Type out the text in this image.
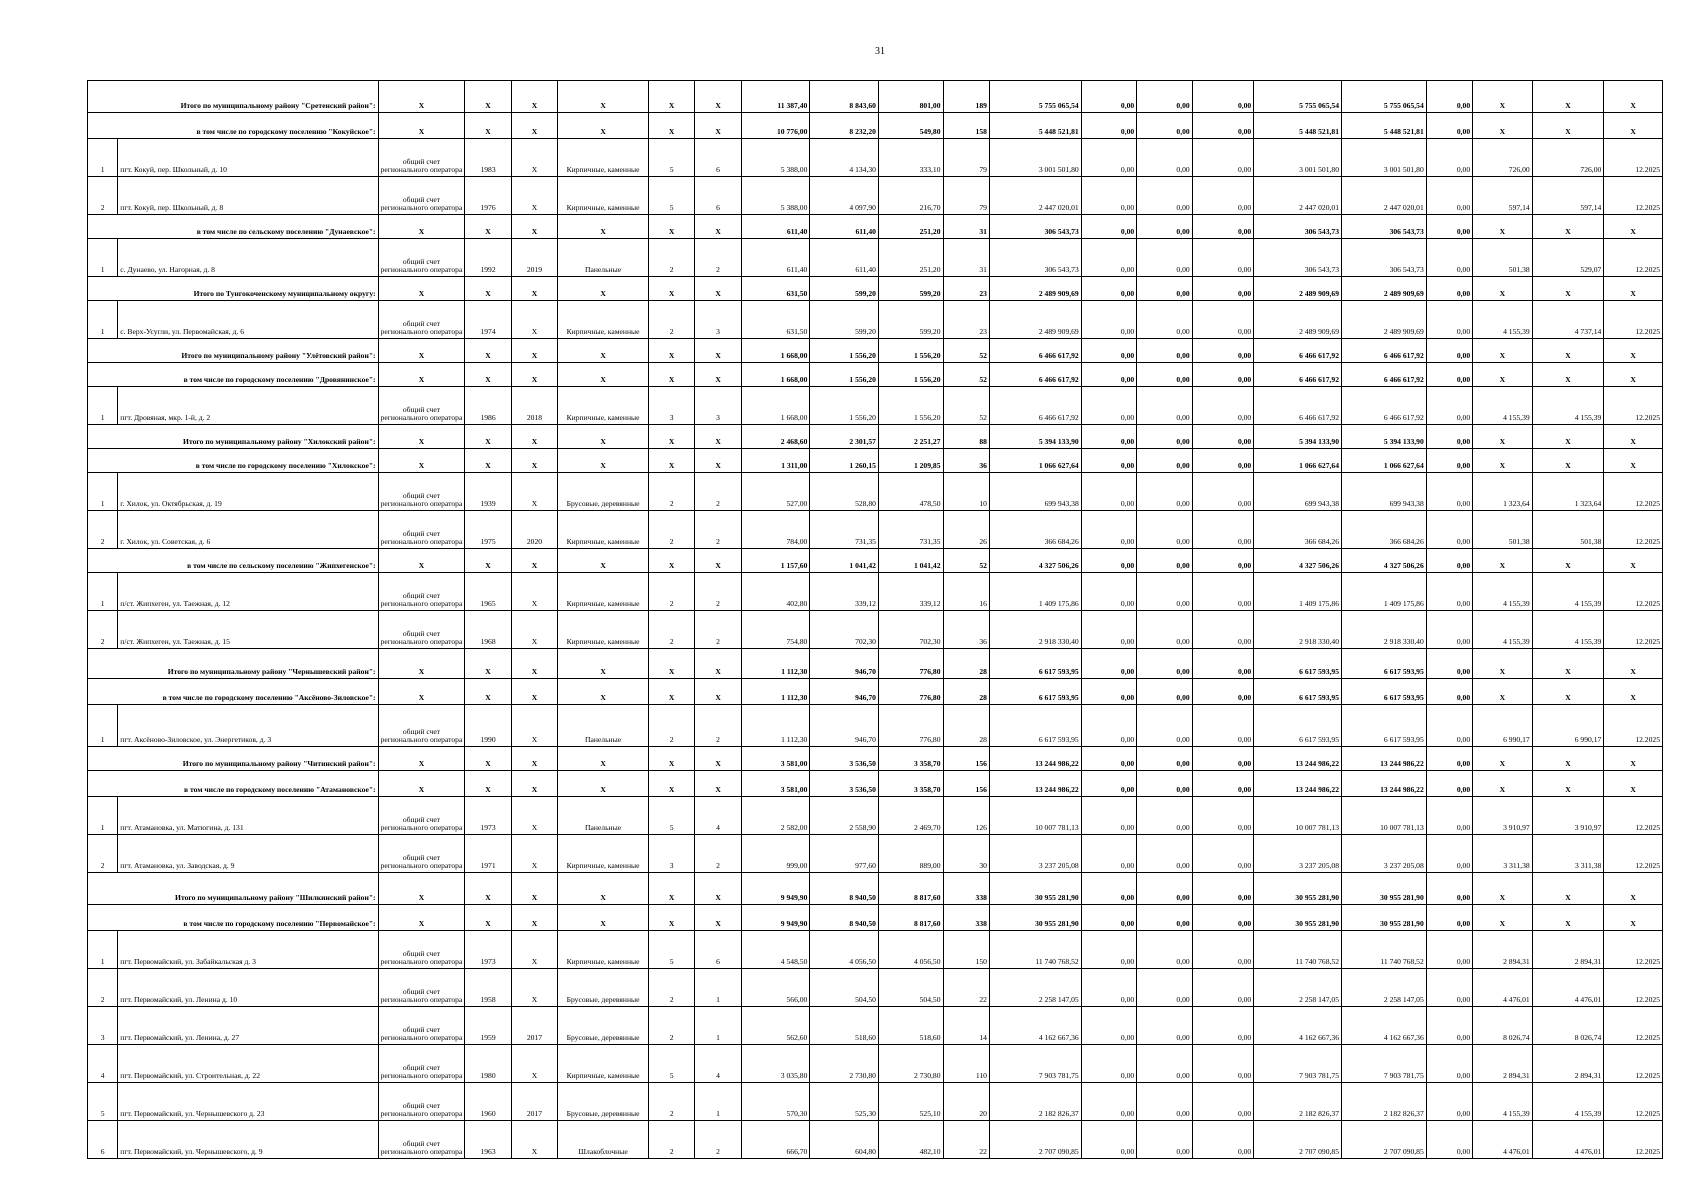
31
Итого по муниципальному району "Сретенский район":		X	X	X	X	X	X	11 387,40	8 843,60	801,00	189	5 755 065,54	0,00	0,00	0,00	5 755 065,54	5 755 065,54	0,00	X	X	X
в том числе по городскому поселению "Кокуйское":		X	X	X	X	X	X	10 776,00	8 232,20	549,80	158	5 448 521,81	0,00	0,00	0,00	5 448 521,81	5 448 521,81	0,00	X	X	X
1	пгт. Кокуй, пер. Школьный, д. 10	общий счет регионального оператора	1983	X	Кирпичные, каменные	5	6	5 388,00	4 134,30	333,10	79	3 001 501,80	0,00	0,00	0,00	3 001 501,80	3 001 501,80	0,00	726,00	726,00	12.2025
2	пгт. Кокуй, пер. Школьный, д. 8	общий счет регионального оператора	1976	X	Кирпичные, каменные	5	6	5 388,00	4 097,90	216,70	79	2 447 020,01	0,00	0,00	0,00	2 447 020,01	2 447 020,01	0,00	597,14	597,14	12.2025
в том числе по сельскому поселению "Дунаевское":		X	X	X	X	X	X	611,40	611,40	251,20	31	306 543,73	0,00	0,00	0,00	306 543,73	306 543,73	0,00	X	X	X
1	с. Дунаево, ул. Нагорная, д. 8	общий счет регионального оператора	1992	2019	Панельные	2	2	611,40	611,40	251,20	31	306 543,73	0,00	0,00	0,00	306 543,73	306 543,73	0,00	501,38	529,07	12.2025
Итого по Тунгокоченскому муниципальному округу:		X	X	X	X	X	X	631,50	599,20	599,20	23	2 489 909,69	0,00	0,00	0,00	2 489 909,69	2 489 909,69	0,00	X	X	X
1	с. Верх-Усугли, ул. Первомайская, д. 6	общий счет регионального оператора	1974	X	Кирпичные, каменные	2	3	631,50	599,20	599,20	23	2 489 909,69	0,00	0,00	0,00	2 489 909,69	2 489 909,69	0,00	4 155,39	4 737,14	12.2025
Итого по муниципальному району "Улётовский район":		X	X	X	X	X	X	1 668,00	1 556,20	1 556,20	52	6 466 617,92	0,00	0,00	0,00	6 466 617,92	6 466 617,92	0,00	X	X	X
в том числе по городскому поселению "Дровянинское":		X	X	X	X	X	X	1 668,00	1 556,20	1 556,20	52	6 466 617,92	0,00	0,00	0,00	6 466 617,92	6 466 617,92	0,00	X	X	X
1	пгт. Дровяная, мкр. 1-й, д. 2	общий счет регионального оператора	1986	2018	Кирпичные, каменные	3	3	1 668,00	1 556,20	1 556,20	52	6 466 617,92	0,00	0,00	0,00	6 466 617,92	6 466 617,92	0,00	4 155,39	4 155,39	12.2025
Итого по муниципальному району "Хилокский район":		X	X	X	X	X	X	2 468,60	2 301,57	2 251,27	88	5 394 133,90	0,00	0,00	0,00	5 394 133,90	5 394 133,90	0,00	X	X	X
в том числе по городскому поселению "Хилокское":		X	X	X	X	X	X	1 311,00	1 260,15	1 209,85	36	1 066 627,64	0,00	0,00	0,00	1 066 627,64	1 066 627,64	0,00	X	X	X
1	г. Хилок, ул. Октябрьская, д. 19	общий счет регионального оператора	1939	X	Брусовые, деревянные	2	2	527,00	528,80	478,50	10	699 943,38	0,00	0,00	0,00	699 943,38	699 943,38	0,00	1 323,64	1 323,64	12.2025
2	г. Хилок, ул. Советская, д. 6	общий счет регионального оператора	1975	2020	Кирпичные, каменные	2	2	784,00	731,35	731,35	26	366 684,26	0,00	0,00	0,00	366 684,26	366 684,26	0,00	501,38	501,38	12.2025
в том числе по сельскому поселению "Жипхегенское":		X	X	X	X	X	X	1 157,60	1 041,42	1 041,42	52	4 327 506,26	0,00	0,00	0,00	4 327 506,26	4 327 506,26	0,00	X	X	X
1	п/ст. Жипхеген, ул. Таежная, д. 12	общий счет регионального оператора	1965	X	Кирпичные, каменные	2	2	402,80	339,12	339,12	16	1 409 175,86	0,00	0,00	0,00	1 409 175,86	1 409 175,86	0,00	4 155,39	4 155,39	12.2025
2	п/ст. Жипхеген, ул. Таежная, д. 15	общий счет регионального оператора	1968	X	Кирпичные, каменные	2	2	754,80	702,30	702,30	36	2 918 330,40	0,00	0,00	0,00	2 918 330,40	2 918 330,40	0,00	4 155,39	4 155,39	12.2025
Итого по муниципальному району "Чернышевский район":		X	X	X	X	X	X	1 112,30	946,70	776,80	28	6 617 593,95	0,00	0,00	0,00	6 617 593,95	6 617 593,95	0,00	X	X	X
в том числе по городскому поселению "Аксёново-Зиловское":		X	X	X	X	X	X	1 112,30	946,70	776,80	28	6 617 593,95	0,00	0,00	0,00	6 617 593,95	6 617 593,95	0,00	X	X	X
1	пгт. Аксёново-Зиловское, ул. Энергетиков, д. 3	общий счет регионального оператора	1990	X	Панельные	2	2	1 112,30	946,70	776,80	28	6 617 593,95	0,00	0,00	0,00	6 617 593,95	6 617 593,95	0,00	6 990,17	6 990,17	12.2025
Итого по муниципальному району "Читинский район":		X	X	X	X	X	X	3 581,00	3 536,50	3 358,70	156	13 244 986,22	0,00	0,00	0,00	13 244 986,22	13 244 986,22	0,00	X	X	X
в том числе по городскому поселению "Атамановское":		X	X	X	X	X	X	3 581,00	3 536,50	3 358,70	156	13 244 986,22	0,00	0,00	0,00	13 244 986,22	13 244 986,22	0,00	X	X	X
1	пгт. Атамановка, ул. Матюгина, д. 131	общий счет регионального оператора	1973	X	Панельные	5	4	2 582,00	2 558,90	2 469,70	126	10 007 781,13	0,00	0,00	0,00	10 007 781,13	10 007 781,13	0,00	3 910,97	3 910,97	12.2025
2	пгт. Атамановка, ул. Заводская, д. 9	общий счет регионального оператора	1971	X	Кирпичные, каменные	3	2	999,00	977,60	889,00	30	3 237 205,08	0,00	0,00	0,00	3 237 205,08	3 237 205,08	0,00	3 311,38	3 311,38	12.2025
Итого по муниципальному району "Шилкинский район":		X	X	X	X	X	X	9 949,90	8 940,50	8 817,60	338	30 955 281,90	0,00	0,00	0,00	30 955 281,90	30 955 281,90	0,00	X	X	X
в том числе по городскому поселению "Первомайское":		X	X	X	X	X	X	9 949,90	8 940,50	8 817,60	338	30 955 281,90	0,00	0,00	0,00	30 955 281,90	30 955 281,90	0,00	X	X	X
1	пгт. Первомайский, ул. Забайкальская д. 3	общий счет регионального оператора	1973	X	Кирпичные, каменные	5	6	4 548,50	4 056,50	4 056,50	150	11 740 768,52	0,00	0,00	0,00	11 740 768,52	11 740 768,52	0,00	2 894,31	2 894,31	12.2025
2	пгт. Первомайский, ул. Ленина д. 10	общий счет регионального оператора	1958	X	Брусовые, деревянные	2	1	566,00	504,50	504,50	22	2 258 147,05	0,00	0,00	0,00	2 258 147,05	2 258 147,05	0,00	4 476,01	4 476,01	12.2025
3	пгт. Первомайский, ул. Ленина, д. 27	общий счет регионального оператора	1959	2017	Брусовые, деревянные	2	1	562,60	518,60	518,60	14	4 162 667,36	0,00	0,00	0,00	4 162 667,36	4 162 667,36	0,00	8 026,74	8 026,74	12.2025
4	пгт. Первомайский, ул. Строительная, д. 22	общий счет регионального оператора	1980	X	Кирпичные, каменные	5	4	3 035,80	2 730,80	2 730,80	110	7 903 781,75	0,00	0,00	0,00	7 903 781,75	7 903 781,75	0,00	2 894,31	2 894,31	12.2025
5	пгт. Первомайский, ул. Чернышевского д. 23	общий счет регионального оператора	1960	2017	Брусовые, деревянные	2	1	570,30	525,30	525,10	20	2 182 826,37	0,00	0,00	0,00	2 182 826,37	2 182 826,37	0,00	4 155,39	4 155,39	12.2025
6	пгт. Первомайский, ул. Чернышевского, д. 9	общий счет регионального оператора	1963	X	Шлакоблочные	2	2	666,70	604,80	482,10	22	2 707 090,85	0,00	0,00	0,00	2 707 090,85	2 707 090,85	0,00	4 476,01	4 476,01	12.2025
